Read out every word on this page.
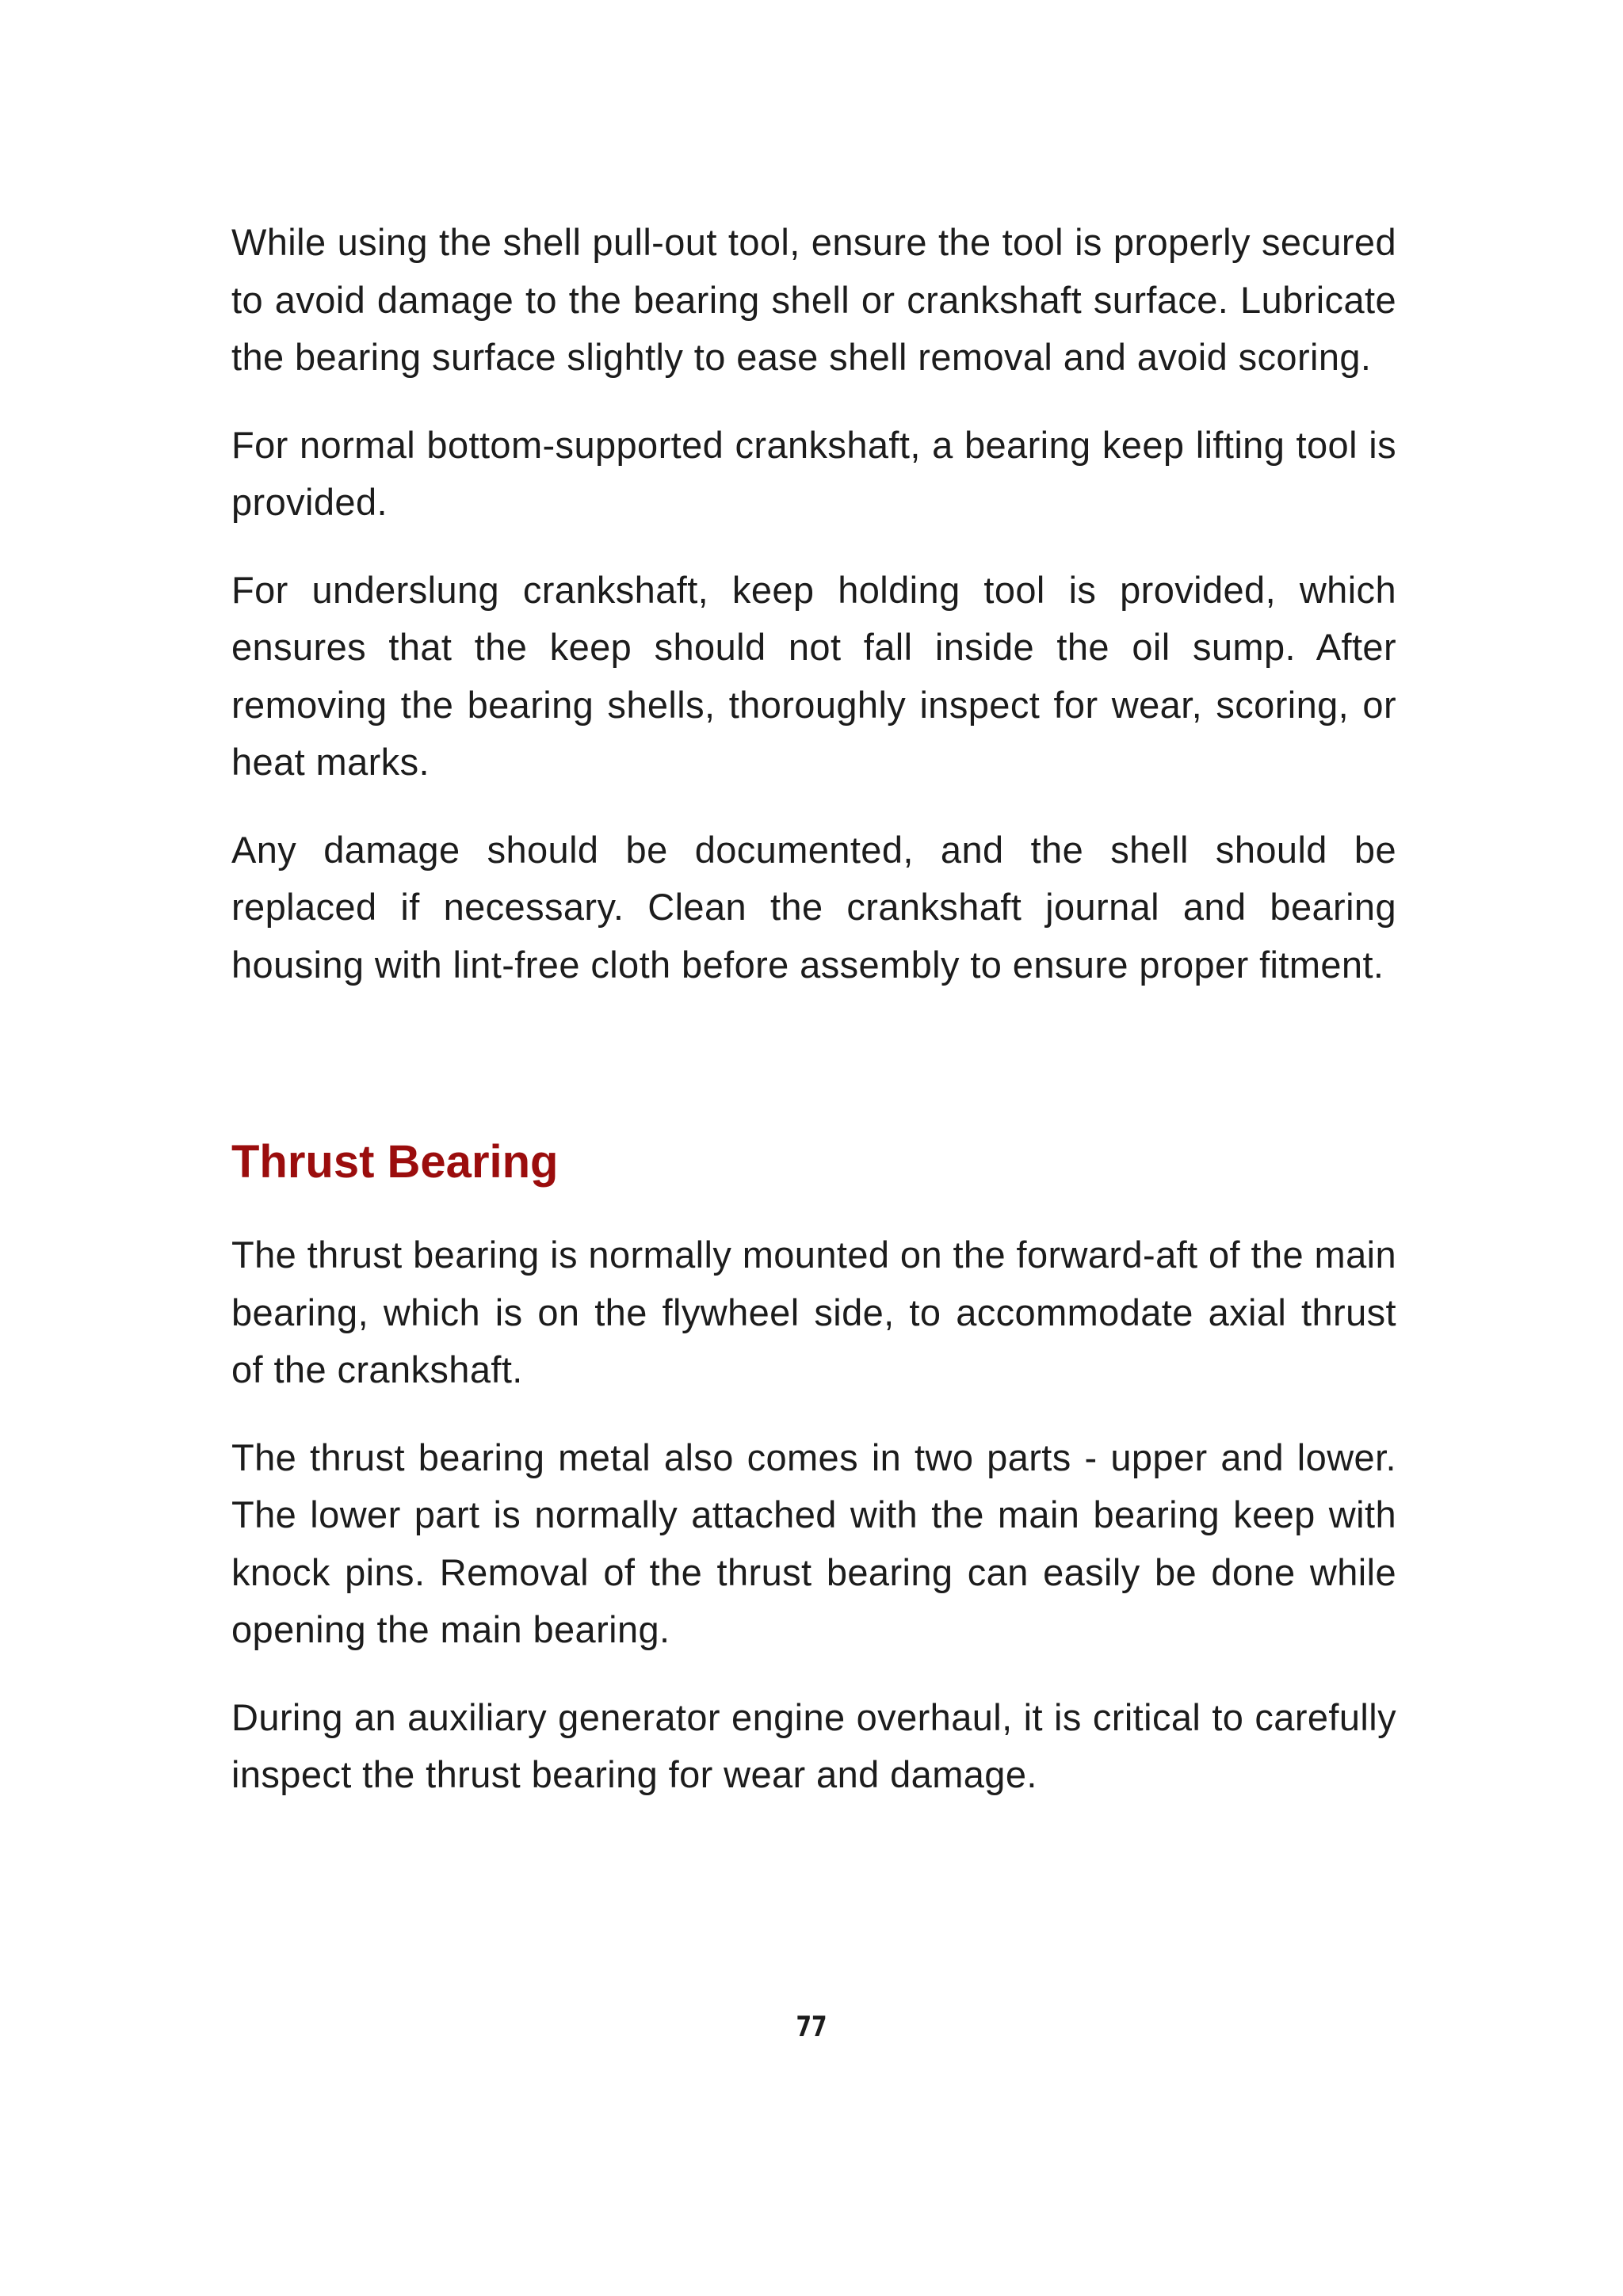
While using the shell pull-out tool, ensure the tool is properly secured to avoid damage to the bearing shell or crankshaft surface. Lubricate the bearing surface slightly to ease shell removal and avoid scoring.

For normal bottom-supported crankshaft, a bearing keep lifting tool is provided.

For underslung crankshaft, keep holding tool is provided, which ensures that the keep should not fall inside the oil sump. After removing the bearing shells, thoroughly inspect for wear, scoring, or heat marks.

Any damage should be documented, and the shell should be replaced if necessary. Clean the crankshaft journal and bearing housing with lint-free cloth before assembly to ensure proper fitment.

Thrust Bearing

The thrust bearing is normally mounted on the forward-aft of the main bearing, which is on the flywheel side, to accommodate axial thrust of the crankshaft.

The thrust bearing metal also comes in two parts - upper and lower. The lower part is normally attached with the main bearing keep with knock pins. Removal of the thrust bearing can easily be done while opening the main bearing.

During an auxiliary generator engine overhaul, it is critical to carefully inspect the thrust bearing for wear and damage.

77
